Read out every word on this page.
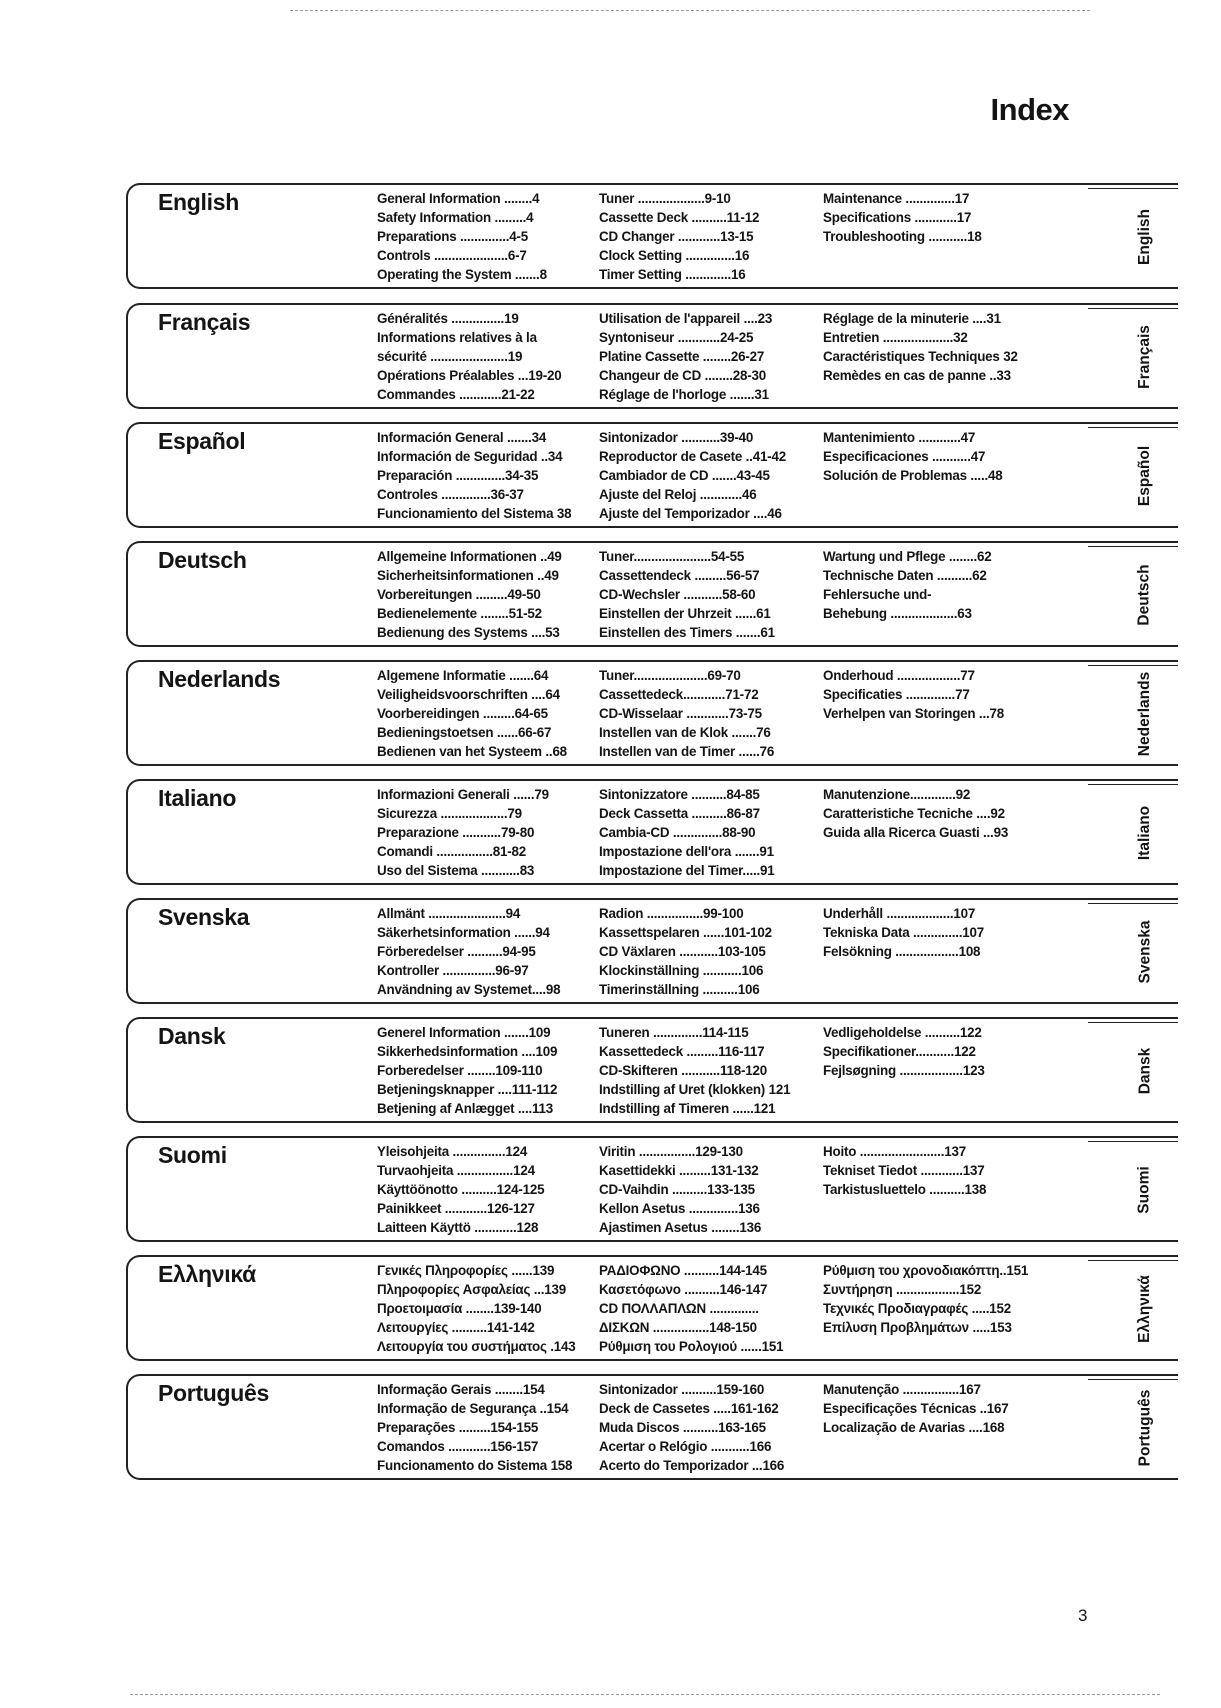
Index
English	General Information ........4
Safety Information .........4
Preparations ..............4-5
Controls .....................6-7
Operating the System .......8
Tuner ...................9-10
Cassette Deck ..........11-12
CD Changer ............13-15
Clock Setting ..............16
Timer Setting .............16
Maintenance ..............17
Specifications ............17
Troubleshooting ...........18	English
Français	Généralités ...............19
Informations relatives à la
sécurité ......................19
Opérations Préalables ...19-20
Commandes ............21-22
Utilisation de l'appareil ....23
Syntoniseur ............24-25
Platine Cassette ........26-27
Changeur de CD ........28-30
Réglage de l'horloge .......31
Réglage de la minuterie ....31
Entretien ....................32
Caractéristiques Techniques 32
Remèdes en cas de panne ..33	Français
Español	Información General .......34
Información de Seguridad ..34
Preparación ..............34-35
Controles ..............36-37
Funcionamiento del Sistema 38
Sintonizador ...........39-40
Reproductor de Casete ..41-42
Cambiador de CD .......43-45
Ajuste del Reloj ............46
Ajuste del Temporizador ....46
Mantenimiento ............47
Especificaciones ...........47
Solución de Problemas .....48	Español
Deutsch	Allgemeine Informationen ..49
Sicherheitsinformationen ..49
Vorbereitungen .........49-50
Bedienelemente ........51-52
Bedienung des Systems ....53
Tuner......................54-55
Cassettendeck .........56-57
CD-Wechsler ...........58-60
Einstellen der Uhrzeit ......61
Einstellen des Timers .......61
Wartung und Pflege ........62
Technische Daten ..........62
Fehlersuche und-
Behebung ...................63	Deutsch
Nederlands	Algemene Informatie .......64
Veiligheidsvoorschriften ....64
Voorbereidingen .........64-65
Bedieningstoetsen ......66-67
Bedienen van het Systeem ..68
Tuner.....................69-70
Cassettedeck............71-72
CD-Wisselaar ............73-75
Instellen van de Klok .......76
Instellen van de Timer ......76
Onderhoud ..................77
Specificaties ..............77
Verhelpen van Storingen ...78	Nederlands
Italiano	Informazioni Generali ......79
Sicurezza ...................79
Preparazione ...........79-80
Comandi ................81-82
Uso del Sistema ...........83
Sintonizzatore ..........84-85
Deck Cassetta ..........86-87
Cambia-CD ..............88-90
Impostazione dell'ora .......91
Impostazione del Timer.....91
Manutenzione.............92
Caratteristiche Tecniche ....92
Guida alla Ricerca Guasti ...93	Italiano
Svenska	Allmänt ......................94
Säkerhetsinformation ......94
Förberedelser ..........94-95
Kontroller ...............96-97
Användning av Systemet....98
Radion ................99-100
Kassettspelaren ......101-102
CD Växlaren ...........103-105
Klockinställning ...........106
Timerinställning ..........106
Underhåll ...................107
Tekniska Data ..............107
Felsökning ..................108	Svenska
Dansk	Generel Information .......109
Sikkerhedsinformation ....109
Forberedelser ........109-110
Betjeningsknapper ....111-112
Betjening af Anlægget ....113
Tuneren ..............114-115
Kassettedeck .........116-117
CD-Skifteren ...........118-120
Indstilling af Uret (klokken) 121
Indstilling af Timeren ......121
Vedligeholdelse ..........122
Specifikationer...........122
Fejlsøgning ..................123	Dansk
Suomi	Yleisohjeita ...............124
Turvaohjeita ................124
Käyttöönotto ..........124-125
Painikkeet ............126-127
Laitteen Käyttö ............128
Viritin ................129-130
Kasettidekki .........131-132
CD-Vaihdin ..........133-135
Kellon Asetus ..............136
Ajastimen Asetus ........136
Hoito ........................137
Tekniset Tiedot ............137
Tarkistusluettelo ..........138	Suomi
Ελληνικά	Γενικές Πληροφορίες ......139
Πληροφορίες Ασφαλείας ...139
Προετοιμασία ........139-140
Λειτουργίες ..........141-142
Λειτουργία του συστήματος .143
ΡΑΔΙΟΦΩΝΟ ..........144-145
Κασετόφωνο ..........146-147
CD ΠΟΛΛΑΠΛΩΝ ..............
ΔΙΣΚΩΝ ................148-150
Ρύθμιση του Ρολογιού ......151
Ρύθμιση του χρονοδιακόπτη..151
Συντήρηση ..................152
Τεχνικές Προδιαγραφές .....152
Επίλυση Προβλημάτων .....153	Ελληνικά
Português	Informação Gerais ........154
Informação de Segurança ..154
Preparações .........154-155
Comandos ............156-157
Funcionamento do Sistema 158
Sintonizador ..........159-160
Deck de Cassetes .....161-162
Muda Discos ..........163-165
Acertar o Relógio ...........166
Acerto do Temporizador ...166
Manutenção ................167
Especificações Técnicas ..167
Localização de Avarias ....168	Português
3
